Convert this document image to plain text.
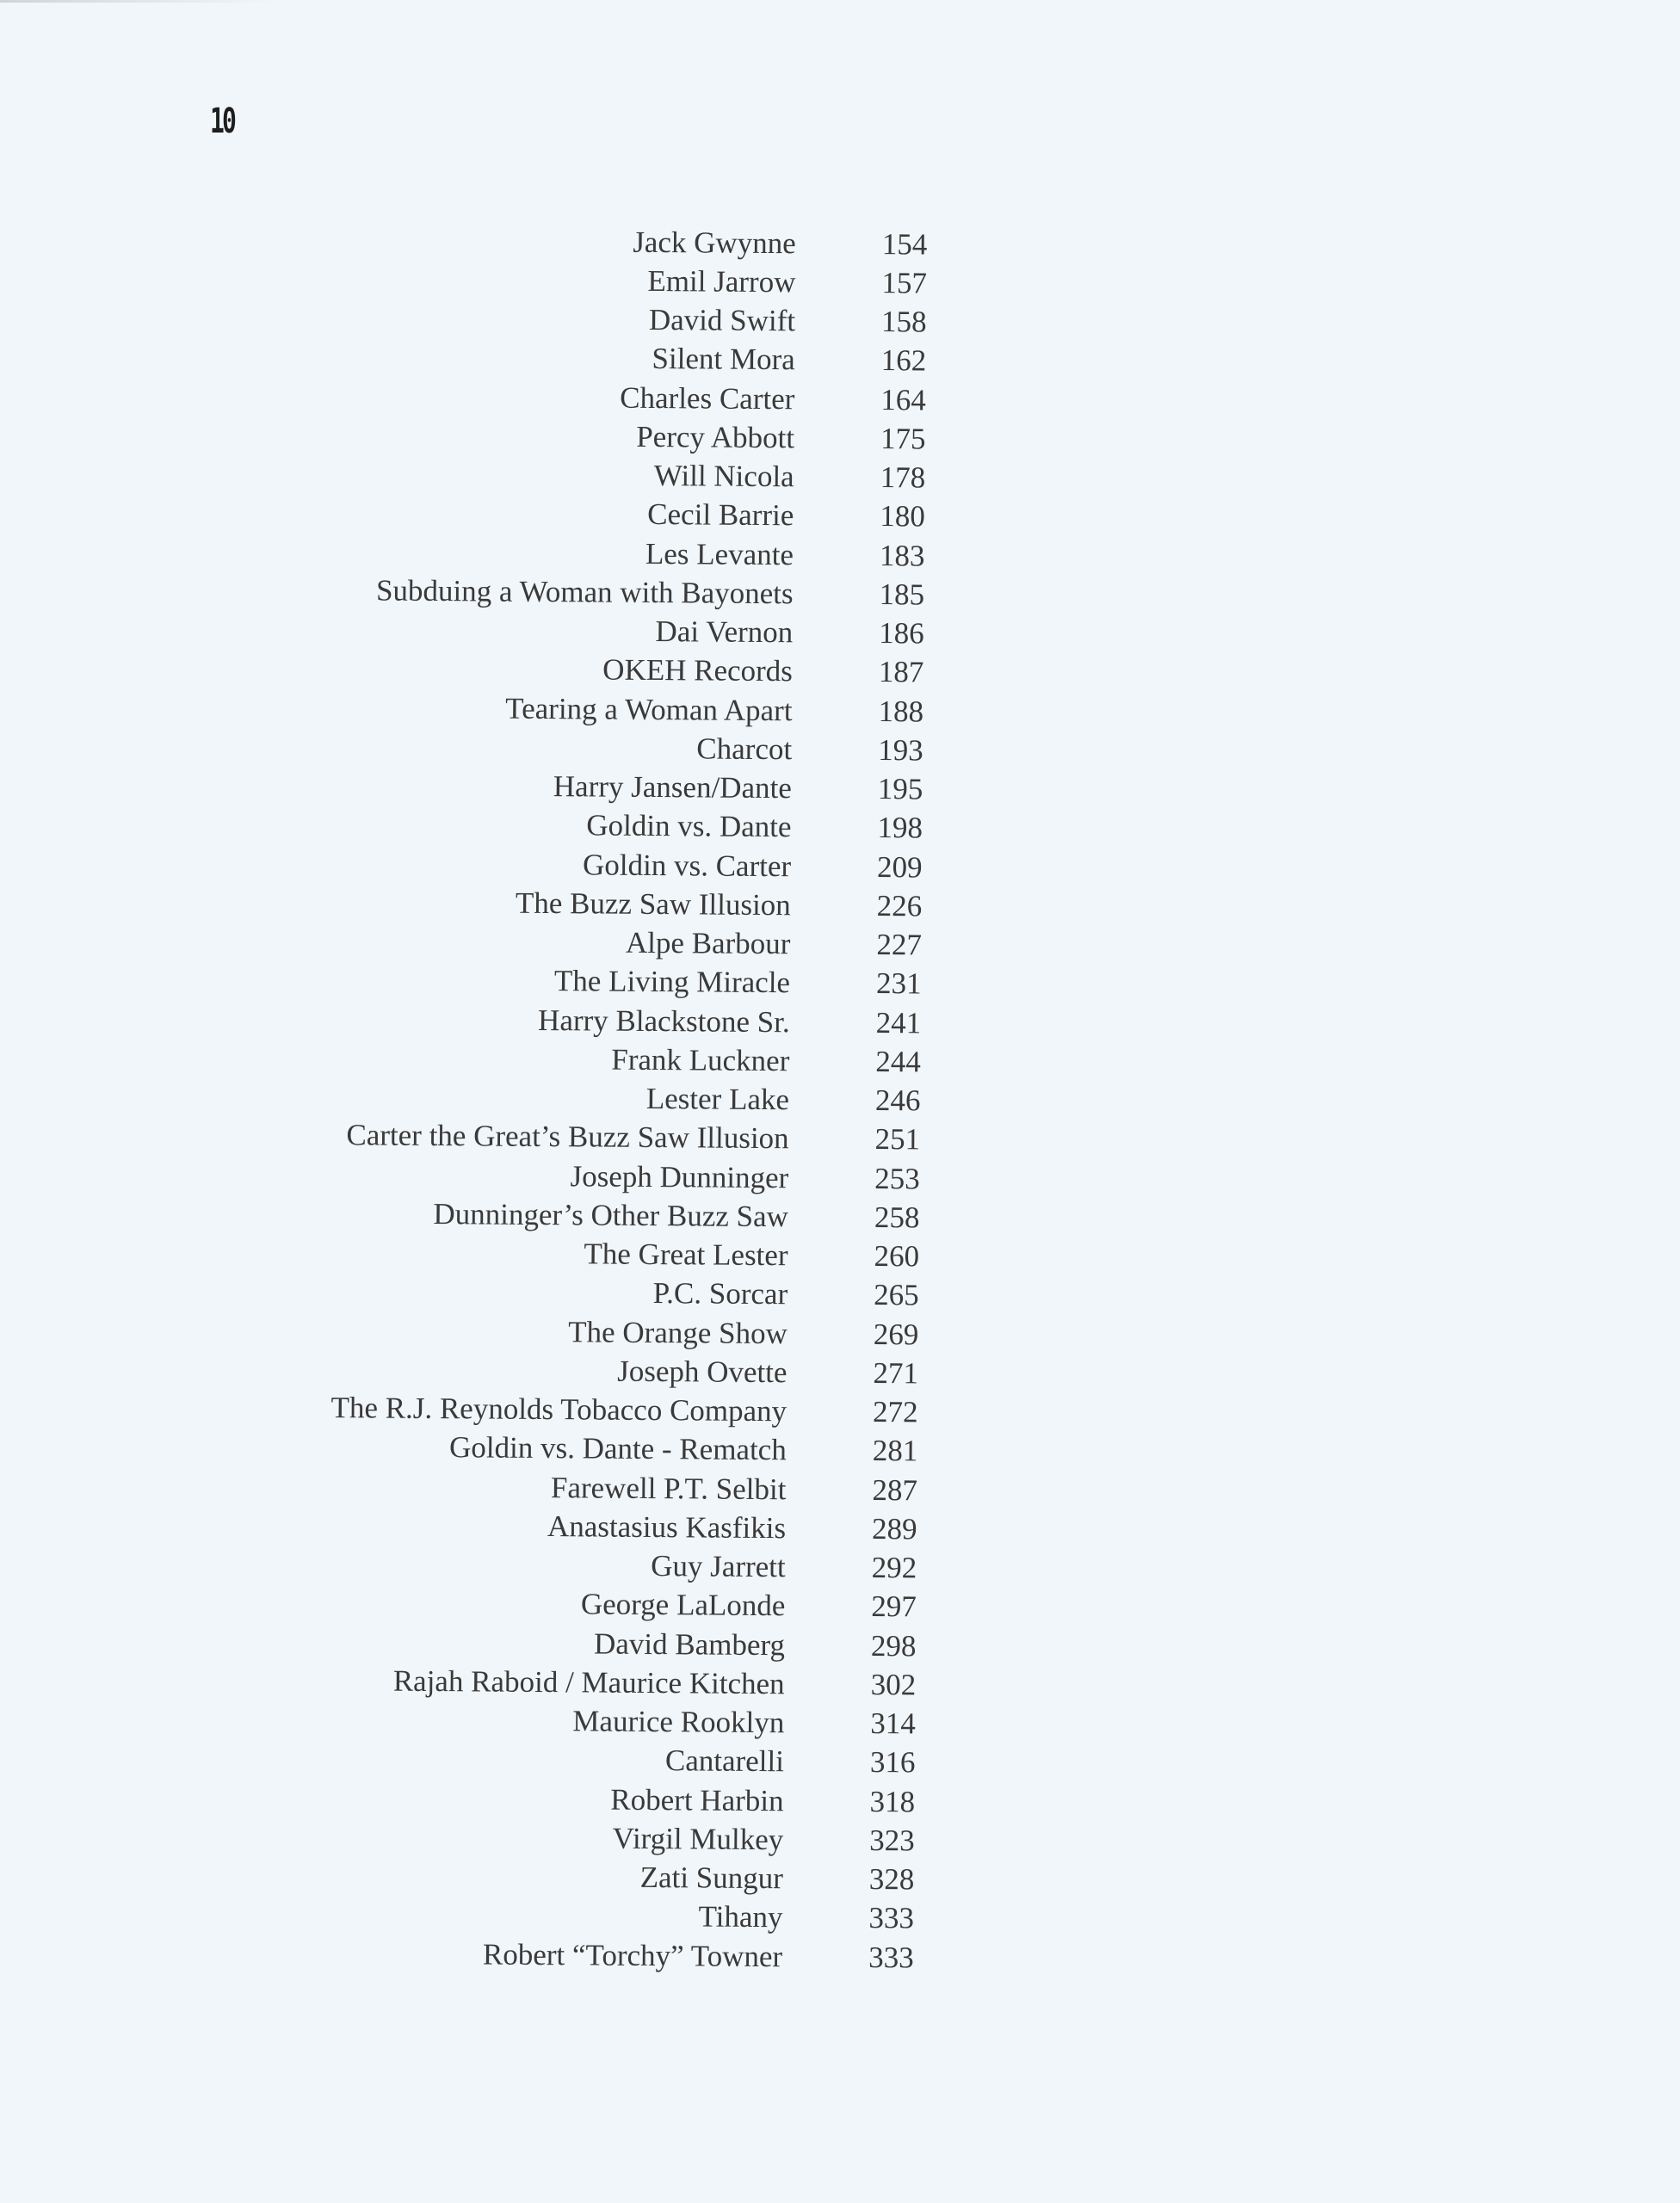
10
Jack Gwynne	154
Emil Jarrow	157
David Swift	158
Silent Mora	162
Charles Carter	164
Percy Abbott	175
Will Nicola	178
Cecil Barrie	180
Les Levante	183
Subduing a Woman with Bayonets	185
Dai Vernon	186
OKEH Records	187
Tearing a Woman Apart	188
Charcot	193
Harry Jansen/Dante	195
Goldin vs. Dante	198
Goldin vs. Carter	209
The Buzz Saw Illusion	226
Alpe Barbour	227
The Living Miracle	231
Harry Blackstone Sr.	241
Frank Luckner	244
Lester Lake	246
Carter the Great’s Buzz Saw Illusion	251
Joseph Dunninger	253
Dunninger’s Other Buzz Saw	258
The Great Lester	260
P.C. Sorcar	265
The Orange Show	269
Joseph Ovette	271
The R.J. Reynolds Tobacco Company	272
Goldin vs. Dante - Rematch	281
Farewell P.T. Selbit	287
Anastasius Kasfikis	289
Guy Jarrett	292
George LaLonde	297
David Bamberg	298
Rajah Raboid / Maurice Kitchen	302
Maurice Rooklyn	314
Cantarelli	316
Robert Harbin	318
Virgil Mulkey	323
Zati Sungur	328
Tihany	333
Robert “Torchy” Towner	333
